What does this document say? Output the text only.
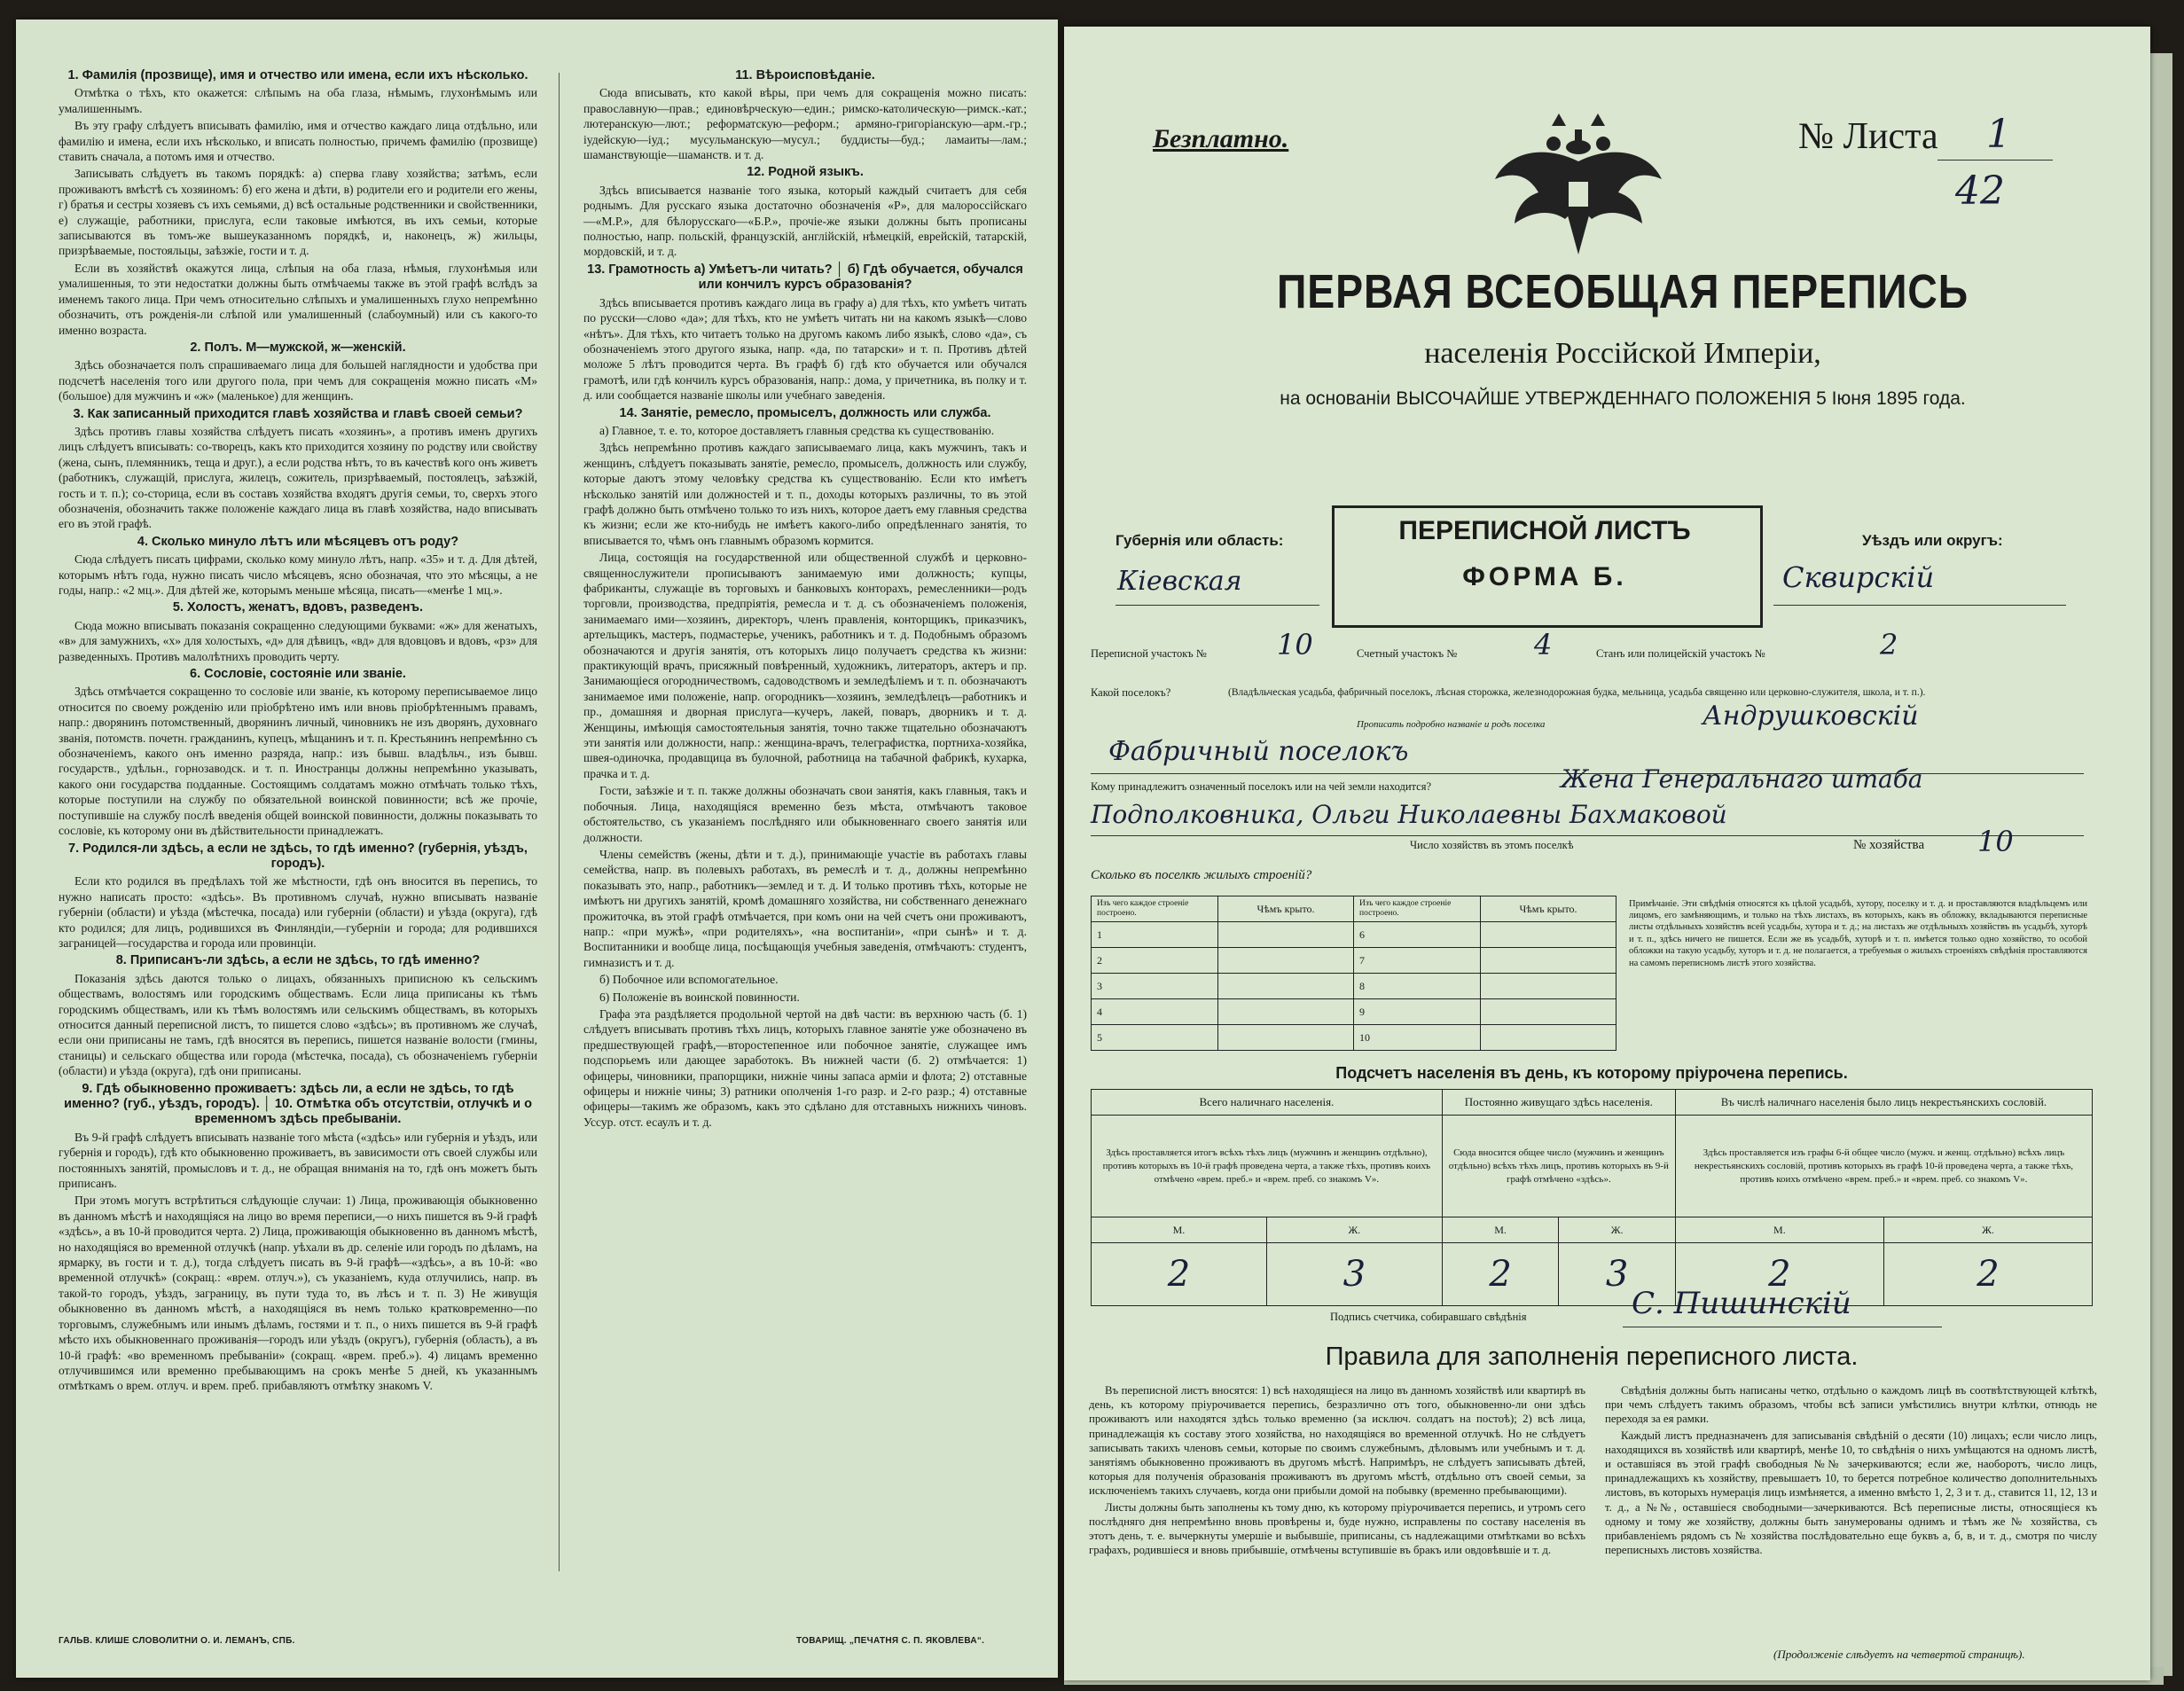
1. Фамилія (прозвище), имя и отчество или имена, если ихъ нѣсколько.

Отмѣтка о тѣхъ, кто окажется: слѣпымъ на оба глаза, нѣмымъ, глухонѣмымъ или умалишеннымъ.

Въ эту графу слѣдуетъ вписывать фамилію, имя и отчество каждаго лица отдѣльно, или фамилію и имена, если ихъ нѣсколько, и вписать полностью, причемъ фамилію (прозвище) ставить сначала, а потомъ имя и отчество.

Записывать слѣдуетъ въ такомъ порядкѣ: а) сперва главу хозяйства; затѣмъ, если проживаютъ вмѣстѣ съ хозяиномъ: б) его жена и дѣти, в) родители его и родители его жены, г) братья и сестры хозяевъ съ ихъ семьями, д) всѣ остальные родственники и свойственники, е) служащіе, работники, прислуга, если таковые имѣются, въ ихъ семьи, которые записываются въ томъ-же вышеуказанномъ порядкѣ, и, наконецъ, ж) жильцы, призрѣваемые, постояльцы, заѣзжіе, гости и т. д.

Если въ хозяйствѣ окажутся лица, слѣпыя на оба глаза, нѣмыя, глухонѣмыя или умалишенныя, то эти недостатки должны быть отмѣчаемы также въ этой графѣ вслѣдъ за именемъ такого лица. При чемъ относительно слѣпыхъ и умалишенныхъ глухо непремѣнно обозначить, отъ рожденія-ли слѣпой или умалишенный (слабоумный) или съ какого-то именно возраста.

2. Полъ. М—мужской, ж—женскій.

Здѣсь обозначается полъ спрашиваемаго лица для большей наглядности и удобства при подсчетѣ населенія того или другого пола, при чемъ для сокращенія можно писать «М» (большое) для мужчинъ и «ж» (маленькое) для женщинъ.

3. Как записанный приходится главѣ хозяйства и главѣ своей семьи?

Здѣсь противъ главы хозяйства слѣдуетъ писать «хозяинъ», а противъ именъ другихъ лицъ слѣдуетъ вписывать: со-творецъ, какъ кто приходится хозяину по родству или свойству (жена, сынъ, племянникъ, теща и друг.), а если родства нѣтъ, то въ качествѣ кого онъ живетъ (работникъ, служащій, прислуга, жилецъ, сожитель, призрѣваемый, постоялецъ, заѣзжій, гость и т. п.); со-сторица, если въ составъ хозяйства входятъ другія семьи, то, сверхъ этого обозначенія, обозначить также положеніе каждаго лица въ главѣ хозяйства, надо вписывать его въ этой графѣ.

4. Сколько минуло лѣтъ или мѣсяцевъ отъ роду?

Сюда слѣдуетъ писать цифрами, сколько кому минуло лѣтъ, напр. «35» и т. д. Для дѣтей, которымъ нѣтъ года, нужно писать число мѣсяцевъ, ясно обозначая, что это мѣсяцы, а не годы, напр.: «2 мц.». Для дѣтей же, которымъ меньше мѣсяца, писать—«менѣе 1 мц.».

5. Холостъ, женатъ, вдовъ, разведенъ.

Сюда можно вписывать показанія сокращенно следующими буквами: «ж» для женатыхъ, «в» для замужнихъ, «х» для холостыхъ, «д» для дѣвицъ, «вд» для вдовцовъ и вдовъ, «рз» для разведенныхъ. Противъ малолѣтнихъ проводить черту.

6. Сословіе, состояніе или званіе.

Здѣсь отмѣчается сокращенно то сословіе или званіе, къ которому переписываемое лицо относится по своему рожденію или пріобрѣтено имъ или вновь пріобрѣтеннымъ правамъ, напр.: дворянинъ потомственный, дворянинъ личный, чиновникъ не изъ дворянъ, духовнаго званія, потомств. почетн. гражданинъ, купецъ, мѣщанинъ и т. п. Крестьянинъ непремѣнно съ обозначеніемъ, какого онъ именно разряда, напр.: изъ бывш. владѣльч., изъ бывш. государств., удѣльн., горнозаводск. и т. п. Иностранцы должны непремѣнно указывать, какого они государства подданные. Состоящимъ солдатамъ можно отмѣчать только тѣхъ, которые поступили на службу по обязательной воинской повинности; всѣ же прочіе, поступившіе на службу послѣ введенія общей воинской повинности, должны показывать то сословіе, къ которому они въ дѣйствительности принадлежатъ.

7. Родился-ли здѣсь, а если не здѣсь, то гдѣ именно? (губернія, уѣздъ, городъ).

Если кто родился въ предѣлахъ той же мѣстности, гдѣ онъ вносится въ перепись, то нужно написать просто: «здѣсь». Въ противномъ случаѣ, нужно вписывать названіе губерніи (области) и уѣзда (мѣстечка, посада) или губерніи (области) и уѣзда (округа), гдѣ кто родился; для лицъ, родившихся въ Финляндіи,—губерніи и города; для родившихся заграницей—государства и города или провинціи.

8. Приписанъ-ли здѣсь, а если не здѣсь, то гдѣ именно?

Показанія здѣсь даются только о лицахъ, обязанныхъ приписною къ сельскимъ обществамъ, волостямъ или городскимъ обществамъ. Если лица приписаны къ тѣмъ городскимъ обществамъ, или къ тѣмъ волостямъ или сельскимъ обществамъ, въ которыхъ относится данный переписной листъ, то пишется слово «здѣсь»; въ противномъ же случаѣ, если они приписаны не тамъ, гдѣ вносятся въ перепись, пишется названіе волости (гмины, станицы) и сельскаго общества или города (мѣстечка, посада), съ обозначеніемъ губерніи (области) и уѣзда (округа), гдѣ они приписаны.

9. Гдѣ обыкновенно проживаетъ: здѣсь ли, а если не здѣсь, то гдѣ именно? (губ., уѣздъ, городъ). │ 10. Отмѣтка объ отсутствіи, отлучкѣ и о временномъ здѣсь пребываніи.

Въ 9-й графѣ слѣдуетъ вписывать названіе того мѣста («здѣсь» или губернія и уѣздъ, или губернія и городъ), гдѣ кто обыкновенно проживаетъ, въ зависимости отъ своей службы или постоянныхъ занятій, промысловъ и т. д., не обращая вниманія на то, гдѣ онъ можетъ быть приписанъ.

При этомъ могутъ встрѣтиться слѣдующіе случаи: 1) Лица, проживающія обыкновенно въ данномъ мѣстѣ и находящіяся на лицо во время переписи,—о нихъ пишется въ 9-й графѣ «здѣсь», а въ 10-й проводится черта. 2) Лица, проживающія обыкновенно въ данномъ мѣстѣ, но находящіяся во временной отлучкѣ (напр. уѣхали въ др. селеніе или городъ по дѣламъ, на ярмарку, въ гости и т. д.), тогда слѣдуетъ писать въ 9-й графѣ—«здѣсь», а въ 10-й: «во временной отлучкѣ» (сокращ.: «врем. отлуч.»), съ указаніемъ, куда отлучились, напр. въ такой-то городъ, уѣздъ, заграницу, въ пути туда то, въ лѣсъ и т. п. 3) Не живущія обыкновенно въ данномъ мѣстѣ, а находящіяся въ немъ только кратковременно—по торговымъ, служебнымъ или инымъ дѣламъ, гостями и т. п., о нихъ пишется въ 9-й графѣ мѣсто ихъ обыкновеннаго проживанія—городъ или уѣздъ (округъ), губернія (область), а въ 10-й графѣ: «во временномъ пребываніи» (сокращ. «врем. преб.»). 4) лицамъ временно отлучившимся или временно пребывающимъ на срокъ менѣе 5 дней, къ указаннымъ отмѣткамъ о врем. отлуч. и врем. преб. прибавляютъ отмѣтку знакомъ V.

11. Вѣроисповѣданіе.

Сюда вписывать, кто какой вѣры, при чемъ для сокращенія можно писать: православную—прав.; единовѣрческую—един.; римско-католическую—римск.-кат.; лютеранскую—лют.; реформатскую—реформ.; армяно-григоріанскую—арм.-гр.; іудейскую—іуд.; мусульманскую—мусул.; буддисты—буд.; ламаиты—лам.; шаманствующіе—шаманств. и т. д.

12. Родной языкъ.

Здѣсь вписывается названіе того языка, который каждый считаетъ для себя роднымъ. Для русскаго языка достаточно обозначенія «Р», для малороссійскаго—«М.Р.», для бѣлорусскаго—«Б.Р.», прочіе-же языки должны быть прописаны полностью, напр. польскій, французскій, англійскій, нѣмецкій, еврейскій, татарскій, мордовскій, и т. д.

13. Грамотность а) Умѣетъ-ли читать? │ б) Гдѣ обучается, обучался или кончилъ курсъ образованія?

Здѣсь вписывается противъ каждаго лица въ графу а) для тѣхъ, кто умѣетъ читать по русски—слово «да»; для тѣхъ, кто не умѣетъ читать ни на какомъ языкѣ—слово «нѣтъ». Для тѣхъ, кто читаетъ только на другомъ какомъ либо языкѣ, слово «да», съ обозначеніемъ этого другого языка, напр. «да, по татарски» и т. п. Противъ дѣтей моложе 5 лѣтъ проводится черта. Въ графѣ б) гдѣ кто обучается или обучался грамотѣ, или гдѣ кончилъ курсъ образованія, напр.: дома, у причетника, въ полку и т. д. или сообщается названіе школы или учебнаго заведенія.

14. Занятіе, ремесло, промыселъ, должность или служба.

а) Главное, т. е. то, которое доставляетъ главныя средства къ существованію.

Здѣсь непремѣнно противъ каждаго записываемаго лица, какъ мужчинъ, такъ и женщинъ, слѣдуетъ показывать занятіе, ремесло, промыселъ, должность или службу, которые даютъ этому человѣку средства къ существованію. Если кто имѣетъ нѣсколько занятій или должностей и т. п., доходы которыхъ различны, то въ этой графѣ должно быть отмѣчено только то изъ нихъ, которое даетъ ему главныя средства къ жизни; если же кто-нибудь не имѣетъ какого-либо опредѣленнаго занятія, то вписывается то, чѣмъ онъ главнымъ образомъ кормится.

Лица, состоящія на государственной или общественной службѣ и церковно-священнослужители прописываютъ занимаемую ими должность; купцы, фабриканты, служащіе въ торговыхъ и банковыхъ конторахъ, ремесленники—родъ торговли, производства, предпріятія, ремесла и т. д. съ обозначеніемъ положенія, занимаемаго ими—хозяинъ, директоръ, членъ правленія, конторщикъ, приказчикъ, артельщикъ, мастеръ, подмастерье, ученикъ, работникъ и т. д. Подобнымъ образомъ обозначаются и другія занятія, отъ которыхъ лицо получаетъ средства къ жизни: практикующій врачъ, присяжный повѣренный, художникъ, литераторъ, актеръ и пр. Занимающіеся огородничествомъ, садоводствомъ и земледѣліемъ и т. п. обозначаютъ занимаемое ими положеніе, напр. огородникъ—хозяинъ, земледѣлецъ—работникъ и пр., домашняя и дворная прислуга—кучеръ, лакей, поваръ, дворникъ и т. д. Женщины, имѣющія самостоятельныя занятія, точно также тщательно обозначаютъ эти занятія или должности, напр.: женщина-врачъ, телеграфистка, портниха-хозяйка, швея-одиночка, продавщица въ булочной, работница на табачной фабрикѣ, кухарка, прачка и т. д.

Гости, заѣзжіе и т. п. также должны обозначать свои занятія, какъ главныя, такъ и побочныя. Лица, находящіяся временно безъ мѣста, отмѣчаютъ таковое обстоятельство, съ указаніемъ послѣдняго или обыкновеннаго своего занятія или должности.

Члены семействъ (жены, дѣти и т. д.), принимающіе участіе въ работахъ главы семейства, напр. въ полевыхъ работахъ, въ ремеслѣ и т. д., должны непремѣнно показывать это, напр., работникъ—землед и т. д. И только противъ тѣхъ, которые не имѣютъ ни другихъ занятій, кромѣ домашняго хозяйства, ни собственнаго денежнаго прожиточка, въ этой графѣ отмѣчается, при комъ они на чей счетъ они проживаютъ, напр.: «при мужѣ», «при родителяхъ», «на воспитаніи», «при сынѣ» и т. д. Воспитанники и вообще лица, посѣщающія учебныя заведенія, отмѣчаютъ: студентъ, гимназистъ и т. д.

б) Побочное или вспомогательное.

6) Положеніе въ воинской повинности.

Графа эта раздѣляется продольной чертой на двѣ части: въ верхнюю часть (б. 1) слѣдуетъ вписывать противъ тѣхъ лицъ, которыхъ главное занятіе уже обозначено въ предшествующей графѣ,—второстепенное или побочное занятіе, служащее имъ подспорьемъ или дающее заработокъ. Въ нижней части (б. 2) отмѣчается: 1) офицеры, чиновники, прапорщики, нижніе чины запаса армiи и флота; 2) отставные офицеры и нижніе чины; 3) ратники ополченія 1-го разр. и 2-го разр.; 4) отставные офицеры—такимъ же образомъ, какъ это сдѣлано для отставныхъ нижнихъ чиновъ. Уссур. отст. есаулъ и т. д.

ГАЛЬВ. КЛИШЕ СЛОВОЛИТНИ О. И. ЛЕМАНЪ, СПБ.	ТОВАРИЩ. „ПЕЧАТНЯ С. П. ЯКОВЛЕВА“.
Безплатно.	№ Листа 1
42
ПЕРВАЯ ВСЕОБЩАЯ ПЕРЕПИСЬ
населенія Россійской Имперіи,
на основаніи ВЫСОЧАЙШЕ УТВЕРЖДЕННАГО ПОЛОЖЕНІЯ 5 Іюня 1895 года.
ПЕРЕПИСНОЙ ЛИСТЪ
ФОРМА Б.
Губернія или область:
Кіевская
Уѣздъ или округъ:
Сквирскій
Переписной участокъ № 10	Счетный участокъ №	4	Станъ или полицейскій участокъ №	2
Какой поселокъ?	(Владѣльческая усадьба, фабричный поселокъ, лѣсная сторожка, железнодорожная будка, мельница, усадьба священно или церковно-служителя, школа, и т. п.).
Прописать подробно названіе и родъ поселка	Андрушковскій
Фабричный поселокъ
Кому принадлежитъ означенный поселокъ или на чей земли находится?	Жена Генеральнаго штаба
Подполковника, Ольги Николаевны Бахмаковой
Число хозяйствъ въ этомъ поселкѣ	№ хозяйства 10
Сколько въ поселкѣ жилыхъ строеній?
Изъ чего каждое строеніе построено.	Чѣмъ крыто.	Изъ чего каждое строеніе построено.	Чѣмъ крыто.	Примѣчаніе. Эти свѣдѣнія относятся къ цѣлой усадьбѣ, хутору, поселку и т. д. и проставляются владѣльцемъ или лицомъ, его замѣняющимъ, и только на тѣхъ листахъ, въ которыхъ, какъ въ обложку, вкладываются переписные листы отдѣльныхъ хозяйствъ всей усадьбы, хутора и т. д.; на листахъ же отдѣльныхъ хозяйствъ въ усадьбѣ, хуторѣ и т. п., здѣсь ничего не пишется. Если же въ усадьбѣ, хуторѣ и т. п. имѣется только одно хозяйство, то особой обложки на такую усадьбу, хуторъ и т. д. не полагается, а требуемыя о жилыхъ строеніяхъ свѣдѣнія проставляются на самомъ переписномъ листѣ этого хозяйства.
1		6		
2		7		
3		8		
4		9		
5		10		
Подсчетъ населенія въ день, къ которому пріурочена перепись.
Всего наличнаго населенія.		Постоянно живущаго здѣсь населенія.		Въ числѣ наличнаго населенія было лицъ некрестьянскихъ сословій.	
Здѣсь проставляется итогъ всѣхъ тѣхъ лицъ (мужчинъ и женщинъ отдѣльно), противъ которыхъ въ 10-й графѣ проведена черта, а также тѣхъ, противъ коихъ отмѣчено «врем. преб.» и «врем. преб. со знакомъ V».		Сюда вносится общее число (мужчинъ и женщинъ отдѣльно) всѣхъ тѣхъ лицъ, противъ которыхъ въ 9-й графѣ отмѣчено «здѣсь».		Здѣсь проставляется изъ графы 6-й общее число (мужч. и женщ. отдѣльно) всѣхъ лицъ некрестьянскихъ сословій, противъ которыхъ въ графѣ 10-й проведена черта, а также тѣхъ, противъ коихъ отмѣчено «врем. преб.» и «врем. преб. со знакомъ V».	
М.	Ж.	М.	Ж.	М.	Ж.
2	3	2	3	2	2
Подпись счетчика, собиравшаго свѣдѣнія	С. Пишинскій
Правила для заполненія переписного листа.

Въ переписной листъ вносятся: 1) всѣ находящіеся на лицо въ данномъ хозяйствѣ или квартирѣ въ день, къ которому пріурочивается перепись, безразлично отъ того, обыкновенно-ли они здѣсь проживаютъ или находятся здѣсь только временно (за исключ. солдатъ на постоѣ); 2) всѣ лица, принадлежащія къ составу этого хозяйства, но находящіяся во временной отлучкѣ. Но не слѣдуетъ записывать такихъ членовъ семьи, которые по своимъ служебнымъ, дѣловымъ или учебнымъ и т. д. занятіямъ обыкновенно проживаютъ въ другомъ мѣстѣ. Напримѣръ, не слѣдуетъ записывать дѣтей, которыя для полученія образованія проживаютъ въ другомъ мѣстѣ, отдѣльно отъ своей семьи, за исключеніемъ такихъ случаевъ, когда они прибыли домой на побывку (временно пребывающими).

Листы должны быть заполнены къ тому дню, къ которому пріурочивается перепись, и утромъ сего послѣдняго дня непремѣнно вновь провѣрены и, буде нужно, исправлены по составу населенія въ этотъ день, т. е. вычеркнуты умершіе и выбывшіе, приписаны, съ надлежащими отмѣтками во всѣхъ графахъ, родившіеся и вновь прибывшіе, отмѣчены вступившіе въ бракъ или овдовѣвшіе и т. д.

Свѣдѣнія должны быть написаны четко, отдѣльно о каждомъ лицѣ въ соотвѣтствующей клѣткѣ, при чемъ слѣдуетъ такимъ образомъ, чтобы всѣ записи умѣстились внутри клѣтки, отнюдь не переходя за ея рамки.

Каждый листъ предназначенъ для записыванія свѣдѣній о десяти (10) лицахъ; если число лицъ, находящихся въ хозяйствѣ или квартирѣ, менѣе 10, то свѣдѣнія о нихъ умѣщаются на одномъ листѣ, и оставшіяся въ этой графѣ свободныя №№ зачеркиваются; если же, наоборотъ, число лицъ, принадлежащихъ къ хозяйству, превышаетъ 10, то берется потребное количество дополнительныхъ листовъ, въ которыхъ нумерація лицъ измѣняется, а именно вмѣсто 1, 2, 3 и т. д., ставится 11, 12, 13 и т. д., а №№, оставшіеся свободными—зачеркиваются. Всѣ переписные листы, относящіеся къ одному и тому же хозяйству, должны быть занумерованы однимъ и тѣмъ же № хозяйства, съ прибавленіемъ рядомъ съ № хозяйства послѣдовательно еще буквъ а, б, в, и т. д., смотря по числу переписныхъ листовъ хозяйства.

(Продолженіе слѣдуетъ на четвертой страницѣ).
